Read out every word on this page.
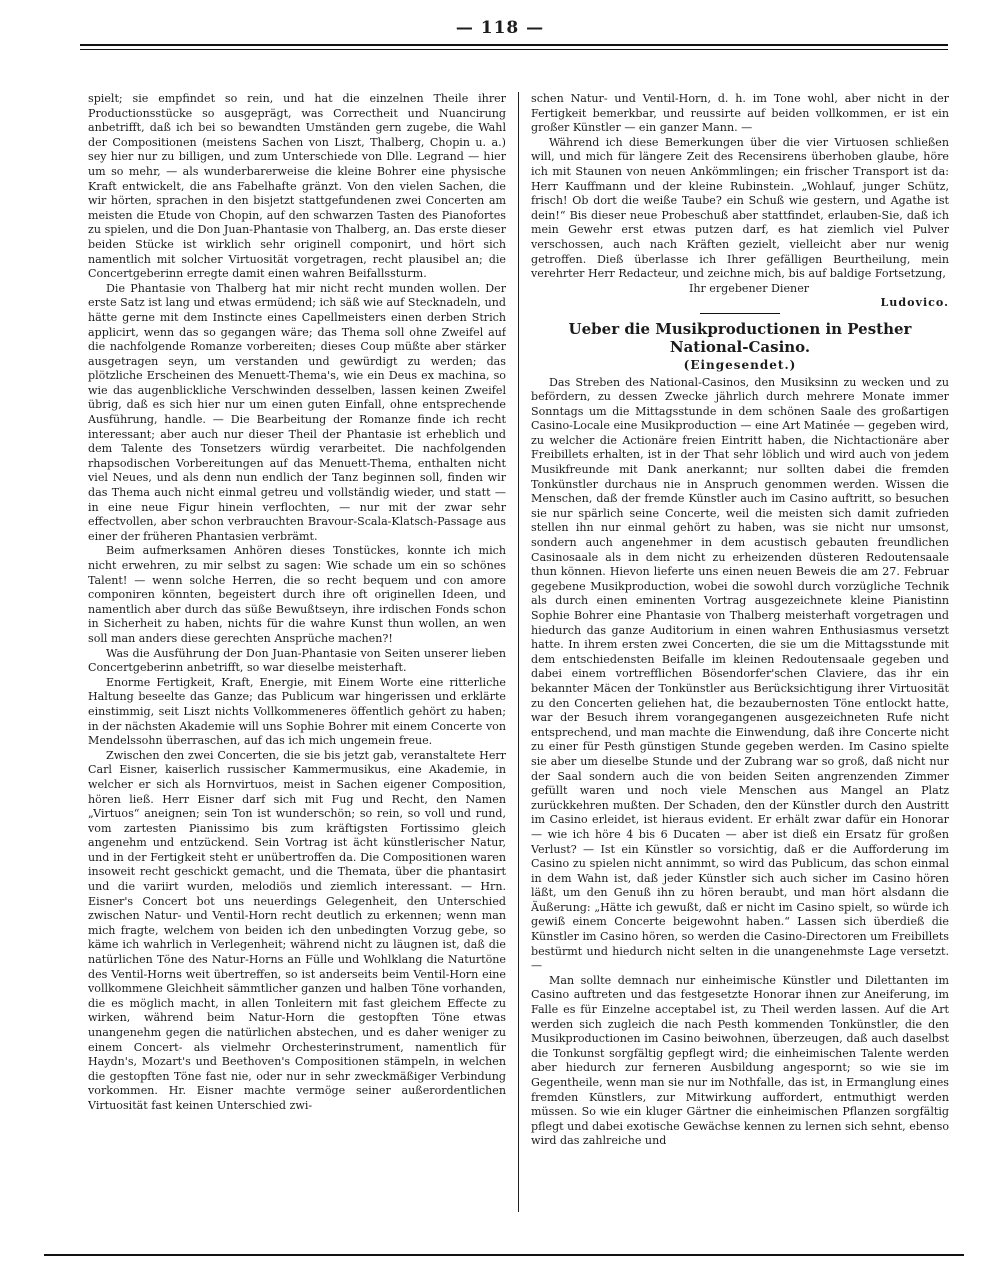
— 118 —

spielt; sie empfindet so rein, und hat die einzelnen Theile ihrer Productionsstücke so ausgeprägt, was Correctheit und Nuancirung anbetrifft, daß ich bei so bewandten Umständen gern zugebe, die Wahl der Compositionen (meistens Sachen von Liszt, Thalberg, Chopin u. a.) sey hier nur zu billigen, und zum Unterschiede von Dlle. Legrand — hier um so mehr, — als wunderbarerweise die kleine Bohrer eine physische Kraft entwickelt, die ans Fabelhafte gränzt. Von den vielen Sachen, die wir hörten, sprachen in den bisjetzt stattgefundenen zwei Concerten am meisten die Etude von Chopin, auf den schwarzen Tasten des Pianofortes zu spielen, und die Don Juan-Phantasie von Thalberg, an. Das erste dieser beiden Stücke ist wirklich sehr originell componirt, und hört sich namentlich mit solcher Virtuosität vorgetragen, recht plausibel an; die Concertgeberinn erregte damit einen wahren Beifallssturm.

Die Phantasie von Thalberg hat mir nicht recht munden wollen. Der erste Satz ist lang und etwas ermüdend; ich säß wie auf Stecknadeln, und hätte gerne mit dem Instincte eines Capellmeisters einen derben Strich applicirt, wenn das so gegangen wäre; das Thema soll ohne Zweifel auf die nachfolgende Romanze vorbereiten; dieses Coup müßte aber stärker ausgetragen seyn, um verstanden und gewürdigt zu werden; das plötzliche Erscheinen des Menuett-Thema's, wie ein Deus ex machina, so wie das augenblickliche Verschwinden desselben, lassen keinen Zweifel übrig, daß es sich hier nur um einen guten Einfall, ohne entsprechende Ausführung, handle. — Die Bearbeitung der Romanze finde ich recht interessant; aber auch nur dieser Theil der Phantasie ist erheblich und dem Talente des Tonsetzers würdig verarbeitet. Die nachfolgenden rhapsodischen Vorbereitungen auf das Menuett-Thema, enthalten nicht viel Neues, und als denn nun endlich der Tanz beginnen soll, finden wir das Thema auch nicht einmal getreu und vollständig wieder, und statt — in eine neue Figur hinein verflochten, — nur mit der zwar sehr effectvollen, aber schon verbrauchten Bravour-Scala-Klatsch-Passage aus einer der früheren Phantasien verbrämt.

Beim aufmerksamen Anhören dieses Tonstückes, konnte ich mich nicht erwehren, zu mir selbst zu sagen: Wie schade um ein so schönes Talent! — wenn solche Herren, die so recht bequem und con amore componiren könnten, begeistert durch ihre oft originellen Ideen, und namentlich aber durch das süße Bewußtseyn, ihre irdischen Fonds schon in Sicherheit zu haben, nichts für die wahre Kunst thun wollen, an wen soll man anders diese gerechten Ansprüche machen?!

Was die Ausführung der Don Juan-Phantasie von Seiten unserer lieben Concertgeberinn anbetrifft, so war dieselbe meisterhaft.

Enorme Fertigkeit, Kraft, Energie, mit Einem Worte eine ritterliche Haltung beseelte das Ganze; das Publicum war hingerissen und erklärte einstimmig, seit Liszt nichts Vollkommeneres öffentlich gehört zu haben; in der nächsten Akademie will uns Sophie Bohrer mit einem Concerte von Mendelssohn überraschen, auf das ich mich ungemein freue.

Zwischen den zwei Concerten, die sie bis jetzt gab, veranstaltete Herr Carl Eisner, kaiserlich russischer Kammermusikus, eine Akademie, in welcher er sich als Hornvirtuos, meist in Sachen eigener Composition, hören ließ. Herr Eisner darf sich mit Fug und Recht, den Namen „Virtuos“ aneignen; sein Ton ist wunderschön; so rein, so voll und rund, vom zartesten Pianissimo bis zum kräftigsten Fortissimo gleich angenehm und entzückend. Sein Vortrag ist ächt künstlerischer Natur, und in der Fertigkeit steht er unübertroffen da. Die Compositionen waren insoweit recht geschickt gemacht, und die Themata, über die phantasirt und die variirt wurden, melodiös und ziemlich interessant. — Hrn. Eisner's Concert bot uns neuerdings Gelegenheit, den Unterschied zwischen Natur- und Ventil-Horn recht deutlich zu erkennen; wenn man mich fragte, welchem von beiden ich den unbedingten Vorzug gebe, so käme ich wahrlich in Verlegenheit; während nicht zu läugnen ist, daß die natürlichen Töne des Natur-Horns an Fülle und Wohlklang die Naturtöne des Ventil-Horns weit übertreffen, so ist anderseits beim Ventil-Horn eine vollkommene Gleichheit sämmtlicher ganzen und halben Töne vorhanden, die es möglich macht, in allen Tonleitern mit fast gleichem Effecte zu wirken, während beim Natur-Horn die gestopften Töne etwas unangenehm gegen die natürlichen abstechen, und es daher weniger zu einem Concert- als vielmehr Orchesterinstrument, namentlich für Haydn's, Mozart's und Beethoven's Compositionen stämpeln, in welchen die gestopften Töne fast nie, oder nur in sehr zweckmäßiger Verbindung vorkommen. Hr. Eisner machte vermöge seiner außerordentlichen Virtuosität fast keinen Unterschied zwi-

schen Natur- und Ventil-Horn, d. h. im Tone wohl, aber nicht in der Fertigkeit bemerkbar, und reussirte auf beiden vollkommen, er ist ein großer Künstler — ein ganzer Mann. —

Während ich diese Bemerkungen über die vier Virtuosen schließen will, und mich für längere Zeit des Recensirens überhoben glaube, höre ich mit Staunen von neuen Ankömmlingen; ein frischer Transport ist da: Herr Kauffmann und der kleine Rubinstein. „Wohlauf, junger Schütz, frisch! Ob dort die weiße Taube? ein Schuß wie gestern, und Agathe ist dein!“ Bis dieser neue Probeschuß aber stattfindet, erlauben-Sie, daß ich mein Gewehr erst etwas putzen darf, es hat ziemlich viel Pulver verschossen, auch nach Kräften gezielt, vielleicht aber nur wenig getroffen. Dieß überlasse ich Ihrer gefälligen Beurtheilung, mein verehrter Herr Redacteur, und zeichne mich, bis auf baldige Fortsetzung,

Ihr ergebener Diener

Ludovico.

Ueber die Musikproductionen in Pesther National-Casino.
(Eingesendet.)

Das Streben des National-Casinos, den Musiksinn zu wecken und zu befördern, zu dessen Zwecke jährlich durch mehrere Monate immer Sonntags um die Mittagsstunde in dem schönen Saale des großartigen Casino-Locale eine Musikproduction — eine Art Matinée — gegeben wird, zu welcher die Actionäre freien Eintritt haben, die Nichtactionäre aber Freibillets erhalten, ist in der That sehr löblich und wird auch von jedem Musikfreunde mit Dank anerkannt; nur sollten dabei die fremden Tonkünstler durchaus nie in Anspruch genommen werden. Wissen die Menschen, daß der fremde Künstler auch im Casino auftritt, so besuchen sie nur spärlich seine Concerte, weil die meisten sich damit zufrieden stellen ihn nur einmal gehört zu haben, was sie nicht nur umsonst, sondern auch angenehmer in dem acustisch gebauten freundlichen Casinosaale als in dem nicht zu erheizenden düsteren Redoutensaale thun können. Hievon lieferte uns einen neuen Beweis die am 27. Februar gegebene Musikproduction, wobei die sowohl durch vorzügliche Technik als durch einen eminenten Vortrag ausgezeichnete kleine Pianistinn Sophie Bohrer eine Phantasie von Thalberg meisterhaft vorgetragen und hiedurch das ganze Auditorium in einen wahren Enthusiasmus versetzt hatte. In ihrem ersten zwei Concerten, die sie um die Mittagsstunde mit dem entschiedensten Beifalle im kleinen Redoutensaale gegeben und dabei einem vortrefflichen Bösendorfer'schen Claviere, das ihr ein bekannter Mäcen der Tonkünstler aus Berücksichtigung ihrer Virtuosität zu den Concerten geliehen hat, die bezaubernosten Töne entlockt hatte, war der Besuch ihrem vorangegangenen ausgezeichneten Rufe nicht entsprechend, und man machte die Einwendung, daß ihre Concerte nicht zu einer für Pesth günstigen Stunde gegeben werden. Im Casino spielte sie aber um dieselbe Stunde und der Zubrang war so groß, daß nicht nur der Saal sondern auch die von beiden Seiten angrenzenden Zimmer gefüllt waren und noch viele Menschen aus Mangel an Platz zurückkehren mußten. Der Schaden, den der Künstler durch den Austritt im Casino erleidet, ist hieraus evident. Er erhält zwar dafür ein Honorar — wie ich höre 4 bis 6 Ducaten — aber ist dieß ein Ersatz für großen Verlust? — Ist ein Künstler so vorsichtig, daß er die Aufforderung im Casino zu spielen nicht annimmt, so wird das Publicum, das schon einmal in dem Wahn ist, daß jeder Künstler sich auch sicher im Casino hören läßt, um den Genuß ihn zu hören beraubt, und man hört alsdann die Äußerung: „Hätte ich gewußt, daß er nicht im Casino spielt, so würde ich gewiß einem Concerte beigewohnt haben.“ Lassen sich überdieß die Künstler im Casino hören, so werden die Casino-Directoren um Freibillets bestürmt und hiedurch nicht selten in die unangenehmste Lage versetzt. —

Man sollte demnach nur einheimische Künstler und Dilettanten im Casino auftreten und das festgesetzte Honorar ihnen zur Aneiferung, im Falle es für Einzelne acceptabel ist, zu Theil werden lassen. Auf die Art werden sich zugleich die nach Pesth kommenden Tonkünstler, die den Musikproductionen im Casino beiwohnen, überzeugen, daß auch daselbst die Tonkunst sorgfältig gepflegt wird; die einheimischen Talente werden aber hiedurch zur ferneren Ausbildung angespornt; so wie sie im Gegentheile, wenn man sie nur im Nothfalle, das ist, in Ermanglung eines fremden Künstlers, zur Mitwirkung auffordert, entmuthigt werden müssen. So wie ein kluger Gärtner die einheimischen Pflanzen sorgfältig pflegt und dabei exotische Gewächse kennen zu lernen sich sehnt, ebenso wird das zahlreiche und
